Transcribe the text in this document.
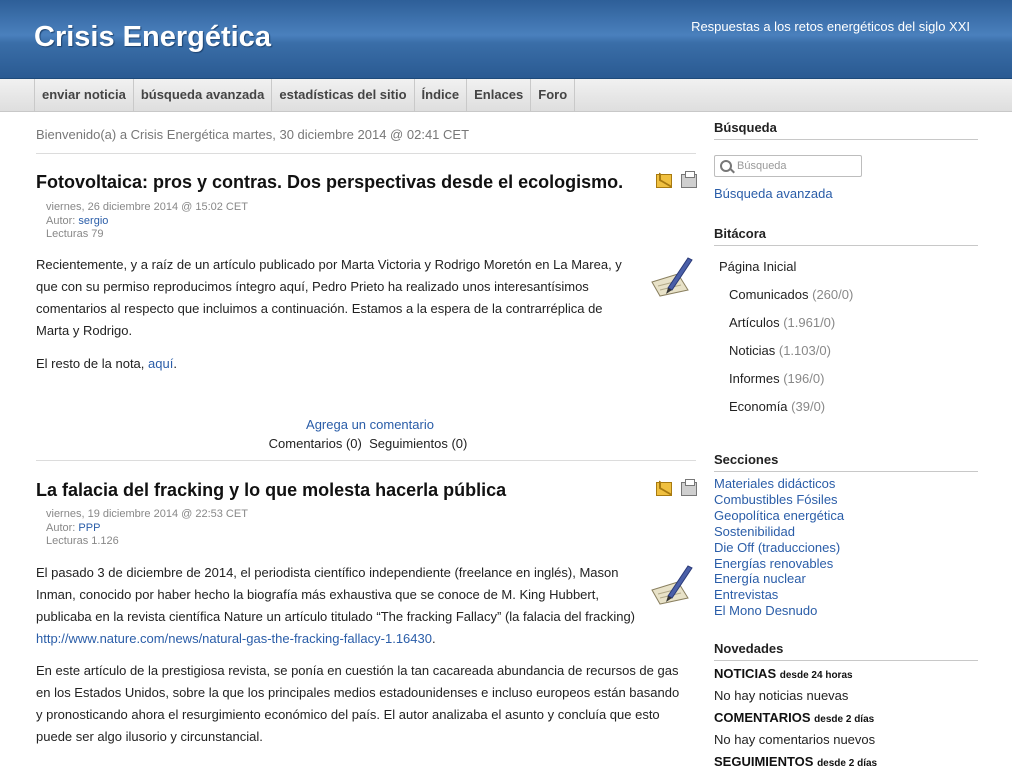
Crisis Energética	Respuestas a los retos energéticos del siglo XXI
enviar noticia	búsqueda avanzada	estadísticas del sitio	Índice	Enlaces	Foro
Bienvenido(a) a Crisis Energética martes, 30 diciembre 2014 @ 02:41 CET
Fotovoltaica: pros y contras. Dos perspectivas desde el ecologismo.
viernes, 26 diciembre 2014 @ 15:02 CET
Autor: sergio
Lecturas 79

Recientemente, y a raíz de un artículo publicado por Marta Victoria y Rodrigo Moretón en La Marea, y que con su permiso reproducimos íntegro aquí, Pedro Prieto ha realizado unos interesantísimos comentarios al respecto que incluimos a continuación. Estamos a la espera de la contrarréplica de Marta y Rodrigo.

El resto de la nota, aquí.

Agrega un comentario
Comentarios (0) Seguimientos (0)
La falacia del fracking y lo que molesta hacerla pública
viernes, 19 diciembre 2014 @ 22:53 CET
Autor: PPP
Lecturas 1.126

El pasado 3 de diciembre de 2014, el periodista científico independiente (freelance en inglés), Mason Inman, conocido por haber hecho la biografía más exhaustiva que se conoce de M. King Hubbert, publicaba en la revista científica Nature un artículo titulado “The fracking Fallacy” (la falacia del fracking) http://www.nature.com/news/natural-gas-the-fracking-fallacy-1.16430.

En este artículo de la prestigiosa revista, se ponía en cuestión la tan cacareada abundancia de recursos de gas en los Estados Unidos, sobre la que los principales medios estadounidenses e incluso europeos están basando y pronosticando ahora el resurgimiento económico del país. El autor analizaba el asunto y concluía que esto puede ser algo ilusorio y circunstancial.

Búsqueda
Búsqueda
Búsqueda avanzada
Bitácora
Página Inicial
Comunicados (260/0)
Artículos (1.961/0)
Noticias (1.103/0)
Informes (196/0)
Economía (39/0)
Secciones
Materiales didácticos
Combustibles Fósiles
Geopolítica energética
Sostenibilidad
Die Off (traducciones)
Energías renovables
Energía nuclear
Entrevistas
El Mono Desnudo
Novedades
NOTICIAS desde 24 horas
No hay noticias nuevas
COMENTARIOS desde 2 días
No hay comentarios nuevos
SEGUIMIENTOS desde 2 días
